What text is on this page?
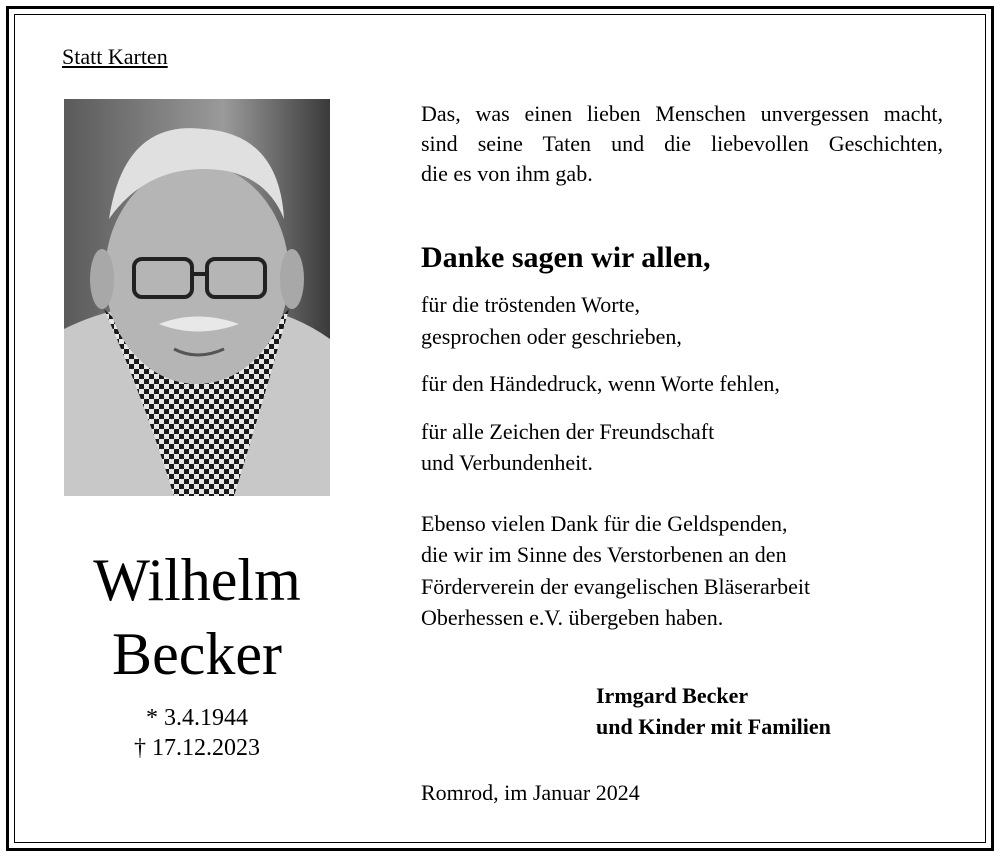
Statt Karten
Wilhelm
Becker
* 3.4.1944
† 17.12.2023
Das, was einen lieben Menschen unvergessen macht,
sind seine Taten und die liebevollen Geschichten,
die es von ihm gab.
Danke sagen wir allen,
für die tröstenden Worte,
gesprochen oder geschrieben,
für den Händedruck, wenn Worte fehlen,
für alle Zeichen der Freundschaft
und Verbundenheit.
Ebenso vielen Dank für die Geldspenden,
die wir im Sinne des Verstorbenen an den
Förderverein der evangelischen Bläserarbeit
Oberhessen e.V. übergeben haben.
Irmgard Becker
und Kinder mit Familien
Romrod, im Januar 2024
